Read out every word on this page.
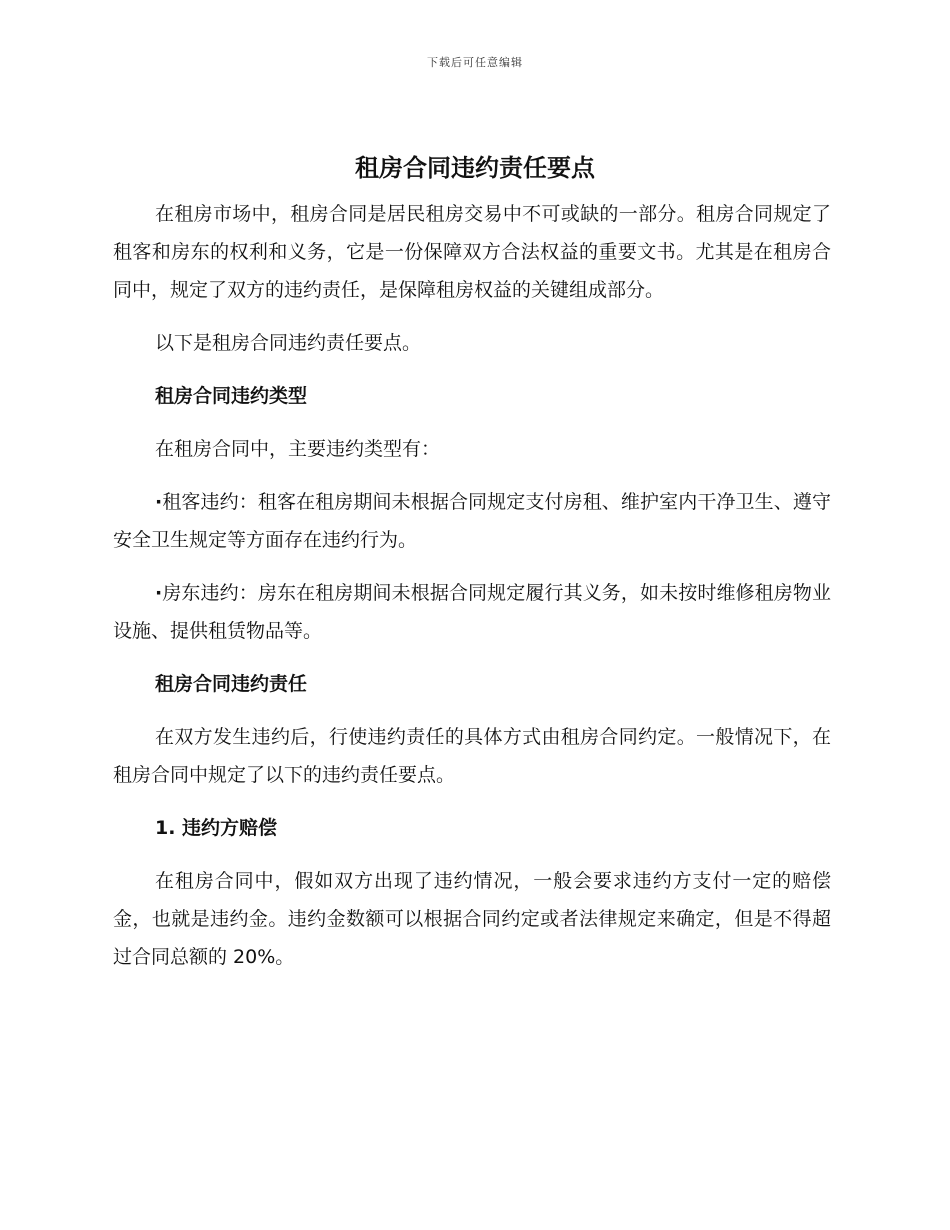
下载后可任意编辑
租房合同违约责任要点

在租房市场中，租房合同是居民租房交易中不可或缺的一部分。租房合同规定了租客和房东的权利和义务，它是一份保障双方合法权益的重要文书。尤其是在租房合同中，规定了双方的违约责任，是保障租房权益的关键组成部分。

以下是租房合同违约责任要点。

租房合同违约类型

在租房合同中，主要违约类型有：

·租客违约：租客在租房期间未根据合同规定支付房租、维护室内干净卫生、遵守安全卫生规定等方面存在违约行为。

·房东违约：房东在租房期间未根据合同规定履行其义务，如未按时维修租房物业设施、提供租赁物品等。

租房合同违约责任

在双方发生违约后，行使违约责任的具体方式由租房合同约定。一般情况下，在租房合同中规定了以下的违约责任要点。

1. 违约方赔偿

在租房合同中，假如双方出现了违约情况，一般会要求违约方支付一定的赔偿金，也就是违约金。违约金数额可以根据合同约定或者法律规定来确定，但是不得超过合同总额的 20%。
